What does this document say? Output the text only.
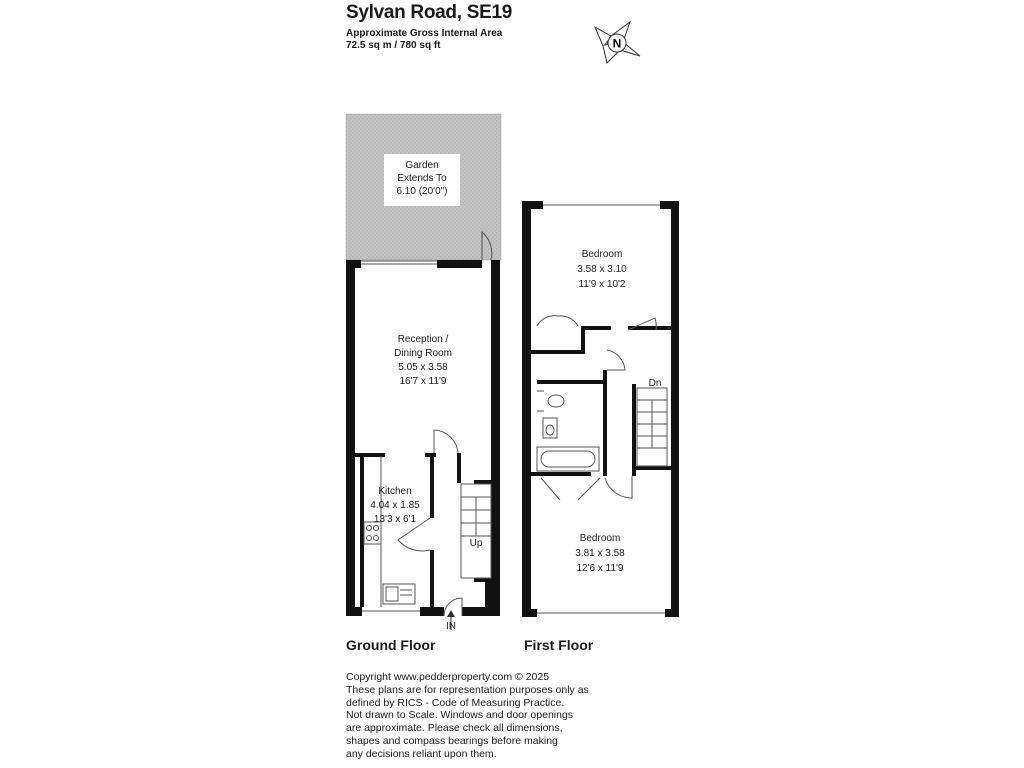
Sylvan Road, SE19
Approximate Gross Internal Area
72.5 sq m / 780 sq ft	N
Garden
Extends To
6.10 (20'0")
Reception /
Dining Room
5.05 x 3.58
16'7 x 11'9
Kitchen
4.04 x 1.85
13'3 x 6'1
Up
IN
Bedroom
3.58 x 3.10
11'9 x 10'2
Bedroom
3.81 x 3.58
12'6 x 11'9
Dn
Ground Floor	First Floor
Copyright www.pedderproperty.com © 2025
These plans are for representation purposes only as
defined by RICS - Code of Measuring Practice.
Not drawn to Scale. Windows and door openings
are approximate. Please check all dimensions,
shapes and compass bearings before making
any decisions reliant upon them.
